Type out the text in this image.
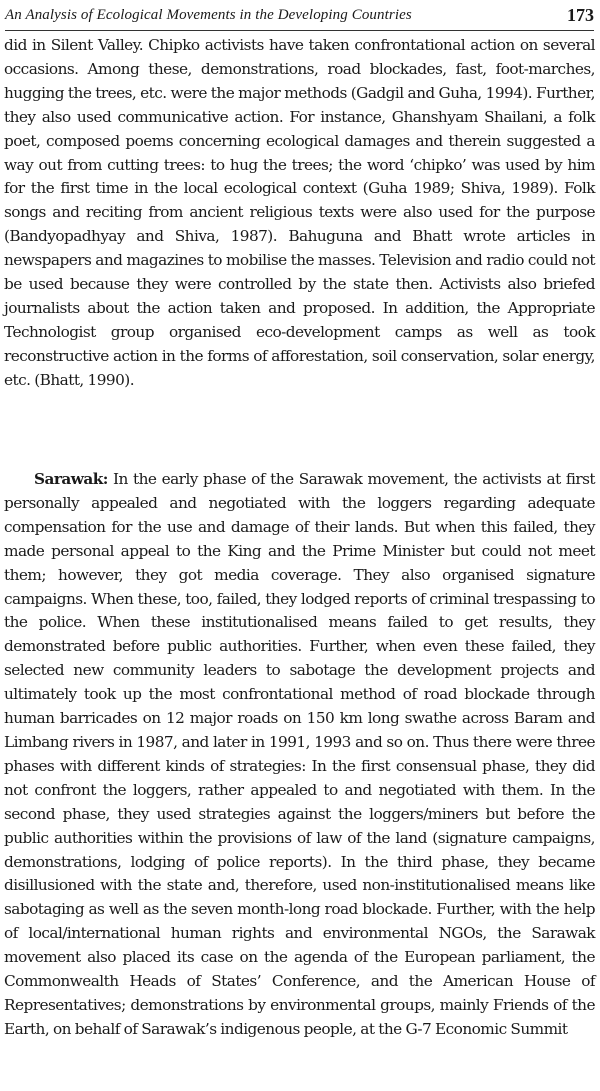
An Analysis of Ecological Movements in the Developing Countries	173

did in Silent Valley. Chipko activists have taken confrontational action on several occasions. Among these, demonstrations, road blockades, fast, foot-marches, hugging the trees, etc. were the major methods (Gadgil and Guha, 1994). Further, they also used communicative action. For instance, Ghanshyam Shailani, a folk poet, composed poems concerning ecological damages and therein suggested a way out from cutting trees: to hug the trees; the word ‘chipko’ was used by him for the first time in the local ecological context (Guha 1989; Shiva, 1989). Folk songs and reciting from ancient religious texts were also used for the purpose (Bandyopadhyay and Shiva, 1987). Bahuguna and Bhatt wrote articles in newspapers and magazines to mobilise the masses. Television and radio could not be used because they were controlled by the state then. Activists also briefed journalists about the action taken and proposed. In addition, the Appropriate Technologist group organised eco-development camps as well as took reconstructive action in the forms of afforestation, soil conservation, solar energy, etc. (Bhatt, 1990).

Sarawak: In the early phase of the Sarawak movement, the activists at first personally appealed and negotiated with the loggers regarding adequate compensation for the use and damage of their lands. But when this failed, they made personal appeal to the King and the Prime Minister but could not meet them; however, they got media coverage. They also organised signature campaigns. When these, too, failed, they lodged reports of criminal trespassing to the police. When these institutionalised means failed to get results, they demonstrated before public authorities. Further, when even these failed, they selected new community leaders to sabotage the development projects and ultimately took up the most confrontational method of road blockade through human barricades on 12 major roads on 150 km long swathe across Baram and Limbang rivers in 1987, and later in 1991, 1993 and so on. Thus there were three phases with different kinds of strategies: In the first consensual phase, they did not confront the loggers, rather appealed to and negotiated with them. In the second phase, they used strategies against the loggers/miners but before the public authorities within the provisions of law of the land (signature campaigns, demonstrations, lodging of police reports). In the third phase, they became disillusioned with the state and, therefore, used non-institutionalised means like sabotaging as well as the seven month-long road blockade. Further, with the help of local/international human rights and environmental NGOs, the Sarawak movement also placed its case on the agenda of the European parliament, the Commonwealth Heads of States’ Conference, and the American House of Representatives; demonstrations by environmental groups, mainly Friends of the Earth, on behalf of Sarawak’s indigenous people, at the G-7 Economic Summit
